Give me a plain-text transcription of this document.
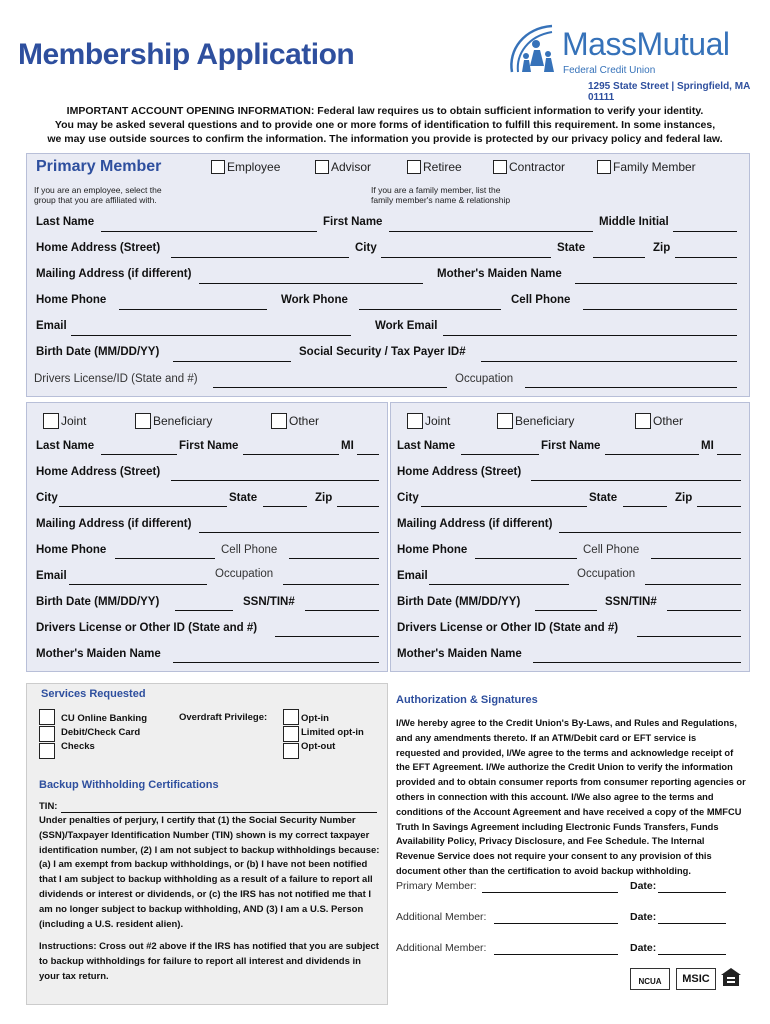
Membership Application	MassMutual
Federal Credit Union
1295 State Street | Springfield, MA 01111
IMPORTANT ACCOUNT OPENING INFORMATION: Federal law requires us to obtain sufficient information to verify your identity.
You may be asked several questions and to provide one or more forms of identification to fulfill this requirement. In some instances,
we may use outside sources to confirm the information. The information you provide is protected by our privacy policy and federal law.
Primary Member	Employee	Advisor	Retiree	Contractor	Family Member
If you are an employee, select the
group that you are affiliated with.
If you are a family member, list the
family member's name & relationship
Last Name	First Name	Middle Initial
Home Address (Street)	City	State	Zip
Mailing Address (if different)	Mother's Maiden Name
Home Phone	Work Phone	Cell Phone
Email	Work Email
Birth Date (MM/DD/YY)	Social Security / Tax Payer ID#
Drivers License/ID (State and #)	Occupation
Joint	Beneficiary	Other
Last Name	First Name	MI
Home Address (Street)
City	State	Zip
Mailing Address (if different)
Home Phone	Cell Phone
Email	Occupation
Birth Date (MM/DD/YY)	SSN/TIN#
Drivers License or Other ID (State and #)
Mother's Maiden Name
Joint	Beneficiary	Other
Last Name	First Name	MI
Home Address (Street)
City	State	Zip
Mailing Address (if different)
Home Phone	Cell Phone
Email	Occupation
Birth Date (MM/DD/YY)	SSN/TIN#
Drivers License or Other ID (State and #)
Mother's Maiden Name
Services Requested
CU Online Banking
Debit/Check Card
Checks
Overdraft Privilege:	Opt-in
Limited opt-in
Opt-out
Backup Withholding Certifications
TIN:
Under penalties of perjury, I certify that (1) the Social Security Number
(SSN)/Taxpayer Identification Number (TIN) shown is my correct taxpayer
identification number, (2) I am not subject to backup withholdings because:
(a) I am exempt from backup withholdings, or (b) I have not been notified
that I am subject to backup withholding as a result of a failure to report all
dividends or interest or dividends, or (c) the IRS has not notified me that I
am no longer subject to backup withholding, AND (3) I am a U.S. Person
(including a U.S. resident alien).
Instructions: Cross out #2 above if the IRS has notified that you are subject
to backup withholdings for failure to report all interest and dividends in
your tax return.
Authorization & Signatures
I/We hereby agree to the Credit Union's By-Laws, and Rules and Regulations,
and any amendments thereto. If an ATM/Debit card or EFT service is
requested and provided, I/We agree to the terms and acknowledge receipt of
the EFT Agreement. I/We authorize the Credit Union to verify the information
provided and to obtain consumer reports from consumer reporting agencies or
others in connection with this account. I/We also agree to the terms and
conditions of the Account Agreement and have received a copy of the MMFCU
Truth In Savings Agreement including Electronic Funds Transfers, Funds
Availability Policy, Privacy Disclosure, and Fee Schedule. The Internal
Revenue Service does not require your consent to any provision of this
document other than the certification to avoid backup withholding.
Primary Member:	Date:
Additional Member:	Date:
Additional Member:	Date:
NCUA	MSIC
